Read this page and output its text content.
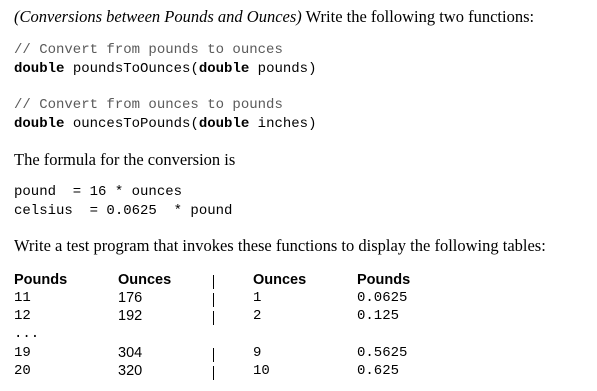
(Conversions between Pounds and Ounces) Write the following two functions:
// Convert from pounds to ounces
double poundsToOunces(double pounds)
// Convert from ounces to pounds
double ouncesToPounds(double inches)
The formula for the conversion is
pound  = 16 * ounces
celsius  = 0.0625  * pound
Write a test program that invokes these functions to display the following tables:
Pounds	Ounces	Ounces	Pounds
11	176	1	0.0625
12	192	2	0.125
...
19	304	9	0.5625
20	320	10	0.625
